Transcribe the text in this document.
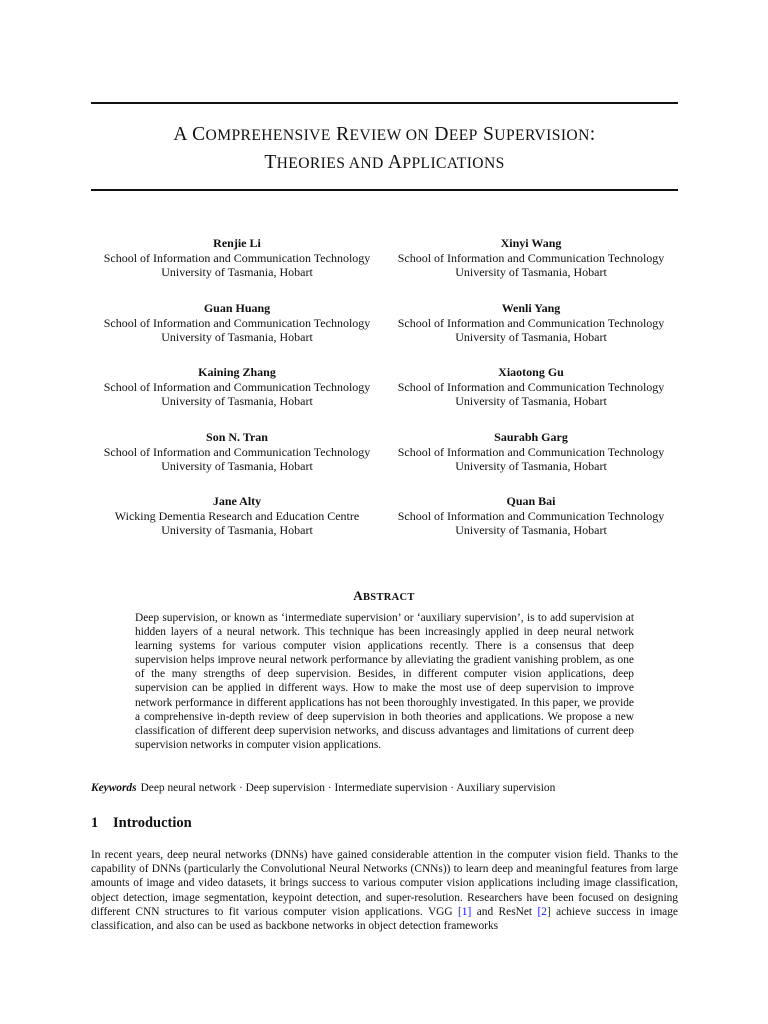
A COMPREHENSIVE REVIEW ON DEEP SUPERVISION:
THEORIES AND APPLICATIONS
Renjie Li
School of Information and Communication Technology
University of Tasmania, Hobart
Xinyi Wang
School of Information and Communication Technology
University of Tasmania, Hobart
Guan Huang
School of Information and Communication Technology
University of Tasmania, Hobart
Wenli Yang
School of Information and Communication Technology
University of Tasmania, Hobart
Kaining Zhang
School of Information and Communication Technology
University of Tasmania, Hobart
Xiaotong Gu
School of Information and Communication Technology
University of Tasmania, Hobart
Son N. Tran
School of Information and Communication Technology
University of Tasmania, Hobart
Saurabh Garg
School of Information and Communication Technology
University of Tasmania, Hobart
Jane Alty
Wicking Dementia Research and Education Centre
University of Tasmania, Hobart
Quan Bai
School of Information and Communication Technology
University of Tasmania, Hobart
ABSTRACT
Deep supervision, or known as ‘intermediate supervision’ or ‘auxiliary supervision’, is to add supervision at hidden layers of a neural network. This technique has been increasingly applied in deep neural network learning systems for various computer vision applications recently. There is a consensus that deep supervision helps improve neural network performance by alleviating the gradient vanishing problem, as one of the many strengths of deep supervision. Besides, in different computer vision applications, deep supervision can be applied in different ways. How to make the most use of deep supervision to improve network performance in different applications has not been thoroughly investigated. In this paper, we provide a comprehensive in-depth review of deep supervision in both theories and applications. We propose a new classification of different deep supervision networks, and discuss advantages and limitations of current deep supervision networks in computer vision applications.
Keywords Deep neural network · Deep supervision · Intermediate supervision · Auxiliary supervision
1 Introduction
In recent years, deep neural networks (DNNs) have gained considerable attention in the computer vision field. Thanks to the capability of DNNs (particularly the Convolutional Neural Networks (CNNs)) to learn deep and meaningful features from large amounts of image and video datasets, it brings success to various computer vision applications including image classification, object detection, image segmentation, keypoint detection, and super-resolution. Researchers have been focused on designing different CNN structures to fit various computer vision applications. VGG [1] and ResNet [2] achieve success in image classification, and also can be used as backbone networks in object detection frameworks
